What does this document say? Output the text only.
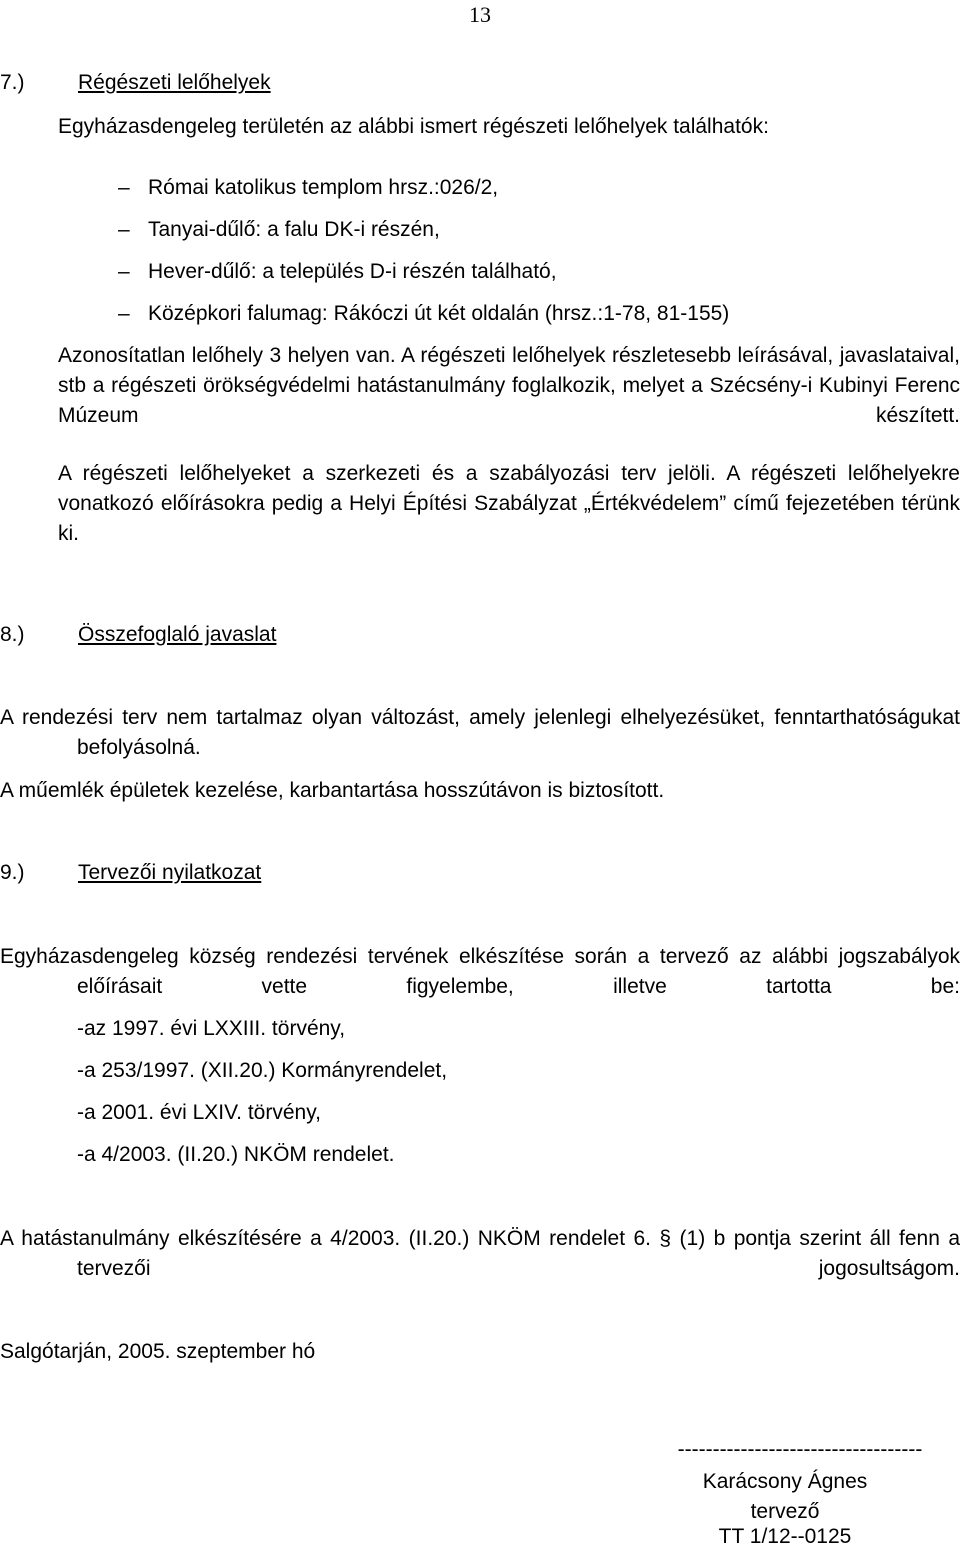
13
7.)	Régészeti lelőhelyek
Egyházasdengeleg területén az alábbi ismert régészeti lelőhelyek találhatók:
– Római katolikus templom hrsz.:026/2,
– Tanyai-dűlő: a falu DK-i részén,
– Hever-dűlő: a település D-i részén található,
– Középkori falumag: Rákóczi út két oldalán (hrsz.:1-78, 81-155)
Azonosítatlan lelőhely 3 helyen van. A régészeti lelőhelyek részletesebb leírásával, javaslataival, stb a régészeti örökségvédelmi hatástanulmány foglalkozik, melyet a Szécsény-i Kubinyi Ferenc Múzeum készített.
A régészeti lelőhelyeket a szerkezeti és a szabályozási terv jelöli. A régészeti lelőhelyekre vonatkozó előírásokra pedig a Helyi Építési Szabályzat „Értékvédelem” című fejezetében térünk ki.
8.)	Összefoglaló javaslat
A rendezési terv nem tartalmaz olyan változást, amely jelenlegi elhelyezésüket, fenntarthatóságukat befolyásolná.
A műemlék épületek kezelése, karbantartása hosszútávon is biztosított.
9.)	Tervezői nyilatkozat
Egyházasdengeleg község rendezési tervének elkészítése során a tervező az alábbi jogszabályok előírásait vette figyelembe, illetve tartotta be:
-az 1997. évi LXXIII. törvény,
-a 253/1997. (XII.20.) Kormányrendelet,
-a 2001. évi LXIV. törvény,
-a 4/2003. (II.20.) NKÖM rendelet.
A hatástanulmány elkészítésére a 4/2003. (II.20.) NKÖM rendelet 6. § (1) b pontja szerint áll fenn a tervezői jogosultságom.
Salgótarján, 2005. szeptember hó
-----------------------------------
Karácsony Ágnes
tervező
TT 1/12--0125
